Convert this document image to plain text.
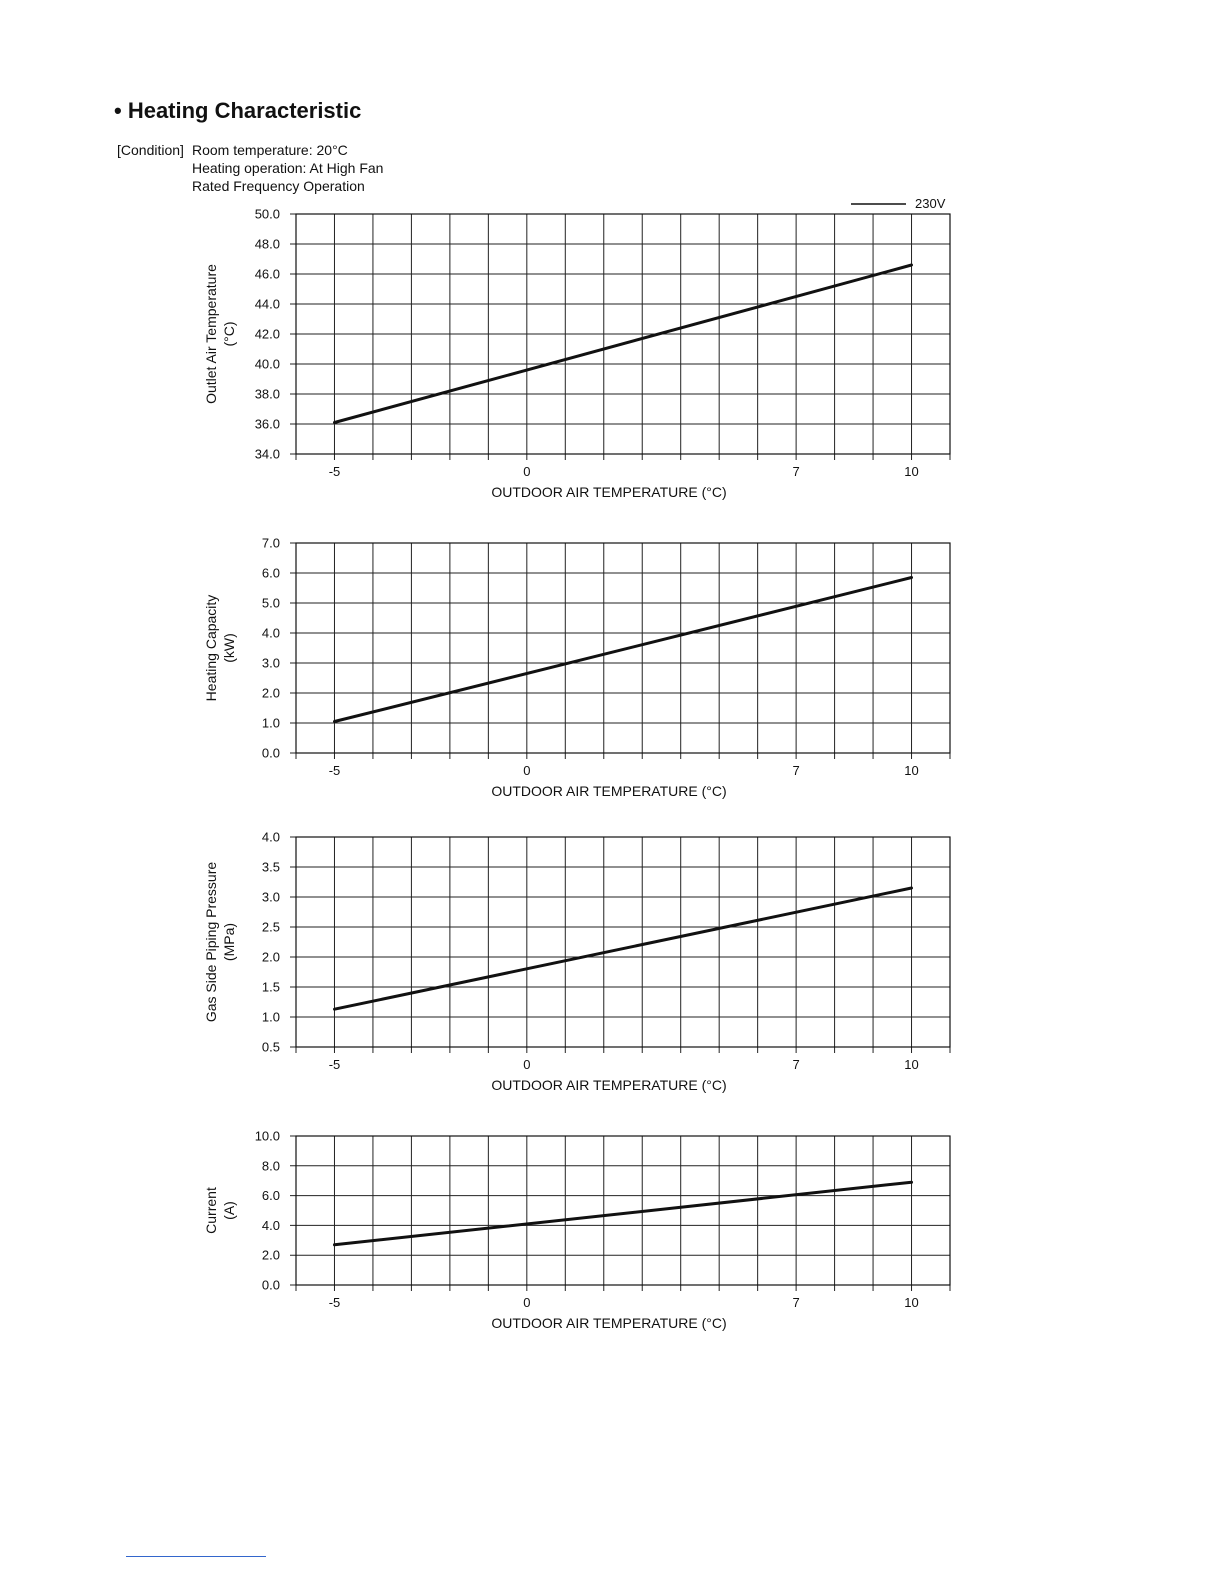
• Heating Characteristic
[Condition] Room temperature: 20°C
Heating operation: At High Fan
Rated Frequency Operation
230V
34.0
36.0
38.0
40.0
42.0
44.0
46.0
48.0
50.0
-5	0	7	10
OUTDOOR AIR TEMPERATURE (°C)
Outlet Air Temperature (°C)
0.0
1.0
2.0
3.0
4.0
5.0
6.0
7.0
-5	0	7	10
OUTDOOR AIR TEMPERATURE (°C)
Heating Capacity (kW)
0.5
1.0
1.5
2.0
2.5
3.0
3.5
4.0
-5	0	7	10
OUTDOOR AIR TEMPERATURE (°C)
Gas Side Piping Pressure (MPa)
0.0
2.0
4.0
6.0
8.0
10.0
-5	0	7	10
OUTDOOR AIR TEMPERATURE (°C)
Current (A)
